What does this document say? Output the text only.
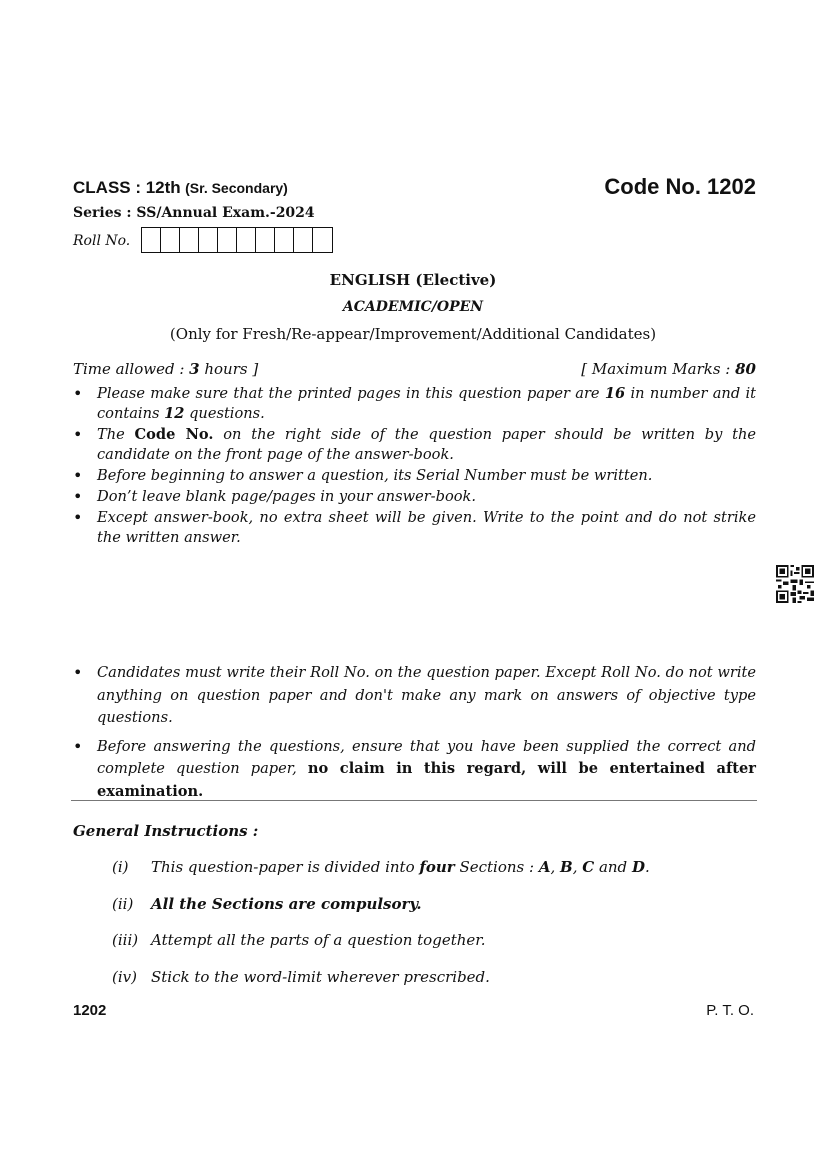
CLASS : 12th (Sr. Secondary)	Code No. 1202
Series : SS/Annual Exam.-2024
Roll No.
ENGLISH (Elective)
ACADEMIC/OPEN
(Only for Fresh/Re-appear/Improvement/Additional Candidates)
Time allowed : 3 hours ]	[ Maximum Marks : 80
• Please make sure that the printed pages in this question paper are 16 in number and it contains 12 questions.
• The Code No. on the right side of the question paper should be written by the candidate on the front page of the answer-book.
• Before beginning to answer a question, its Serial Number must be written.
• Don’t leave blank page/pages in your answer-book.
• Except answer-book, no extra sheet will be given. Write to the point and do not strike the written answer.
• Candidates must write their Roll No. on the question paper. Except Roll No. do not write anything on question paper and don't make any mark on answers of objective type questions.
• Before answering the questions, ensure that you have been supplied the correct and complete question paper, no claim in this regard, will be entertained after examination.
General Instructions :
(i) This question-paper is divided into four Sections : A, B, C and D.
(ii) All the Sections are compulsory.
(iii) Attempt all the parts of a question together.
(iv) Stick to the word-limit wherever prescribed.
1202	P. T. O.
